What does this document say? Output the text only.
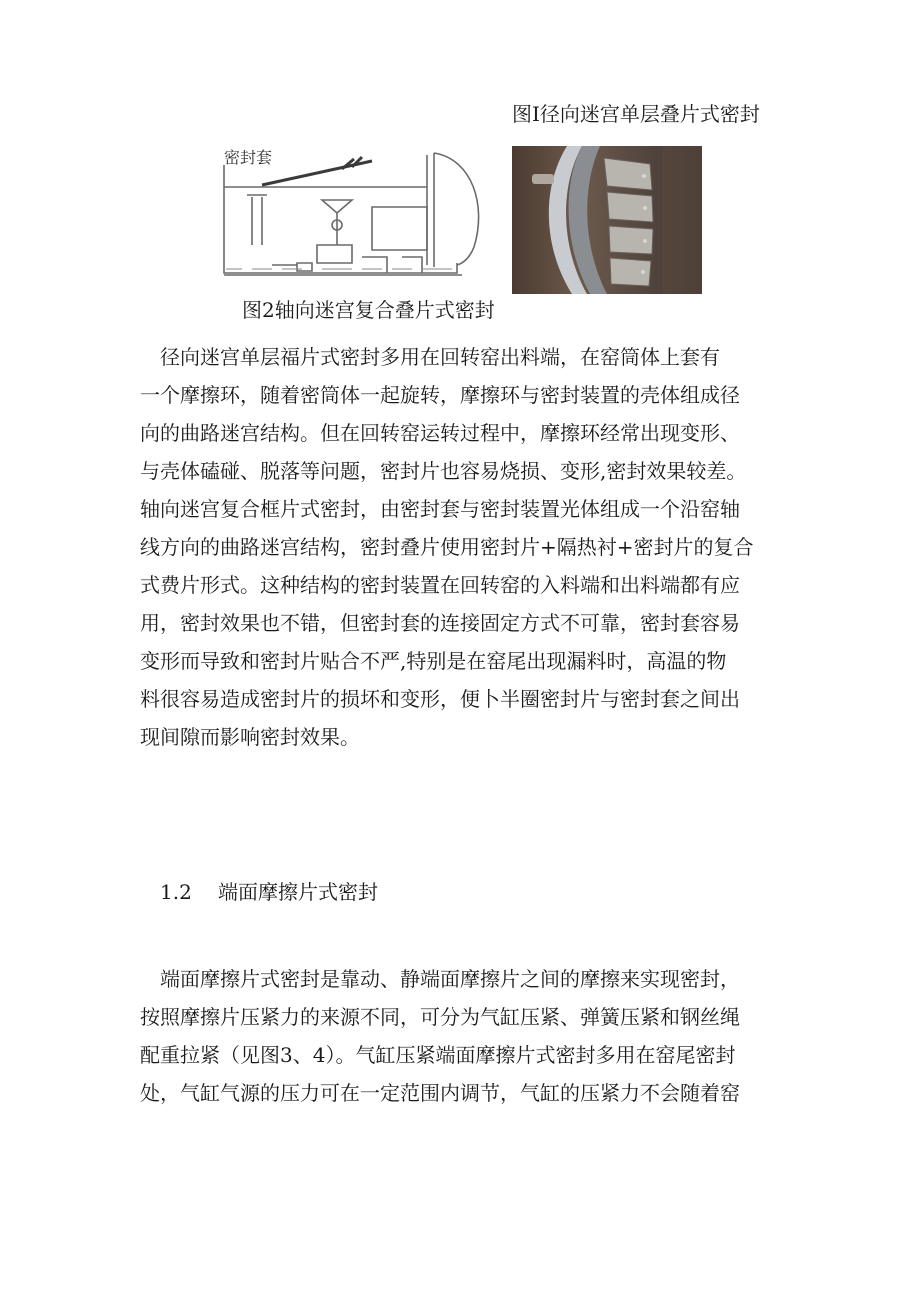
图I径向迷宫单层叠片式密封
密封套
图2轴向迷宫复合叠片式密封
　径向迷宫单层福片式密封多用在回转窑出料端，在窑筒体上套有
一个摩擦环，随着密筒体一起旋转，摩擦环与密封装置的壳体组成径
向的曲路迷宫结构。但在回转窑运转过程中，摩擦环经常出现变形、
与壳体磕碰、脱落等问题，密封片也容易烧损、变形,密封效果较差。
轴向迷宫复合框片式密封，由密封套与密封装置光体组成一个沿窑轴
线方向的曲路迷宫结构，密封叠片使用密封片+隔热衬+密封片的复合
式费片形式。这种结构的密封装置在回转窑的入料端和出料端都有应
用，密封效果也不错，但密封套的连接固定方式不可靠，密封套容易
变形而导致和密封片贴合不严,特别是在窑尾出现漏料时，高温的物
料很容易造成密封片的损坏和变形，便卜半圈密封片与密封套之间出
现间隙而影响密封效果。
1.2 端面摩擦片式密封
　端面摩擦片式密封是靠动、静端面摩擦片之间的摩擦来实现密封，
按照摩擦片压紧力的来源不同，可分为气缸压紧、弹簧压紧和钢丝绳
配重拉紧（见图3、4）。气缸压紧端面摩擦片式密封多用在窑尾密封
处，气缸气源的压力可在一定范围内调节，气缸的压紧力不会随着窑
